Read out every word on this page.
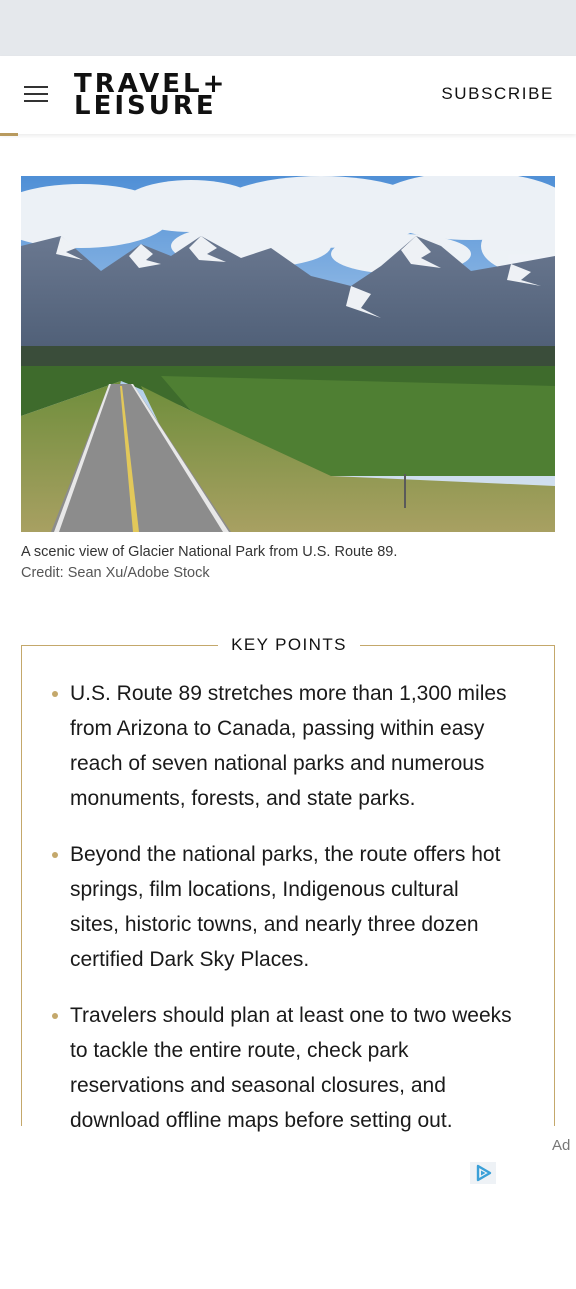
TRAVEL+
LEISURE	SUBSCRIBE
A scenic view of Glacier National Park from U.S. Route 89.
Credit: Sean Xu/Adobe Stock
KEY POINTS
U.S. Route 89 stretches more than 1,300 miles from Arizona to Canada, passing within easy reach of seven national parks and numerous monuments, forests, and state parks.
Beyond the national parks, the route offers hot springs, film locations, Indigenous cultural sites, historic towns, and nearly three dozen certified Dark Sky Places.
Travelers should plan at least one to two weeks to tackle the entire route, check park reservations and seasonal closures, and download offline maps before setting out.
Ad
